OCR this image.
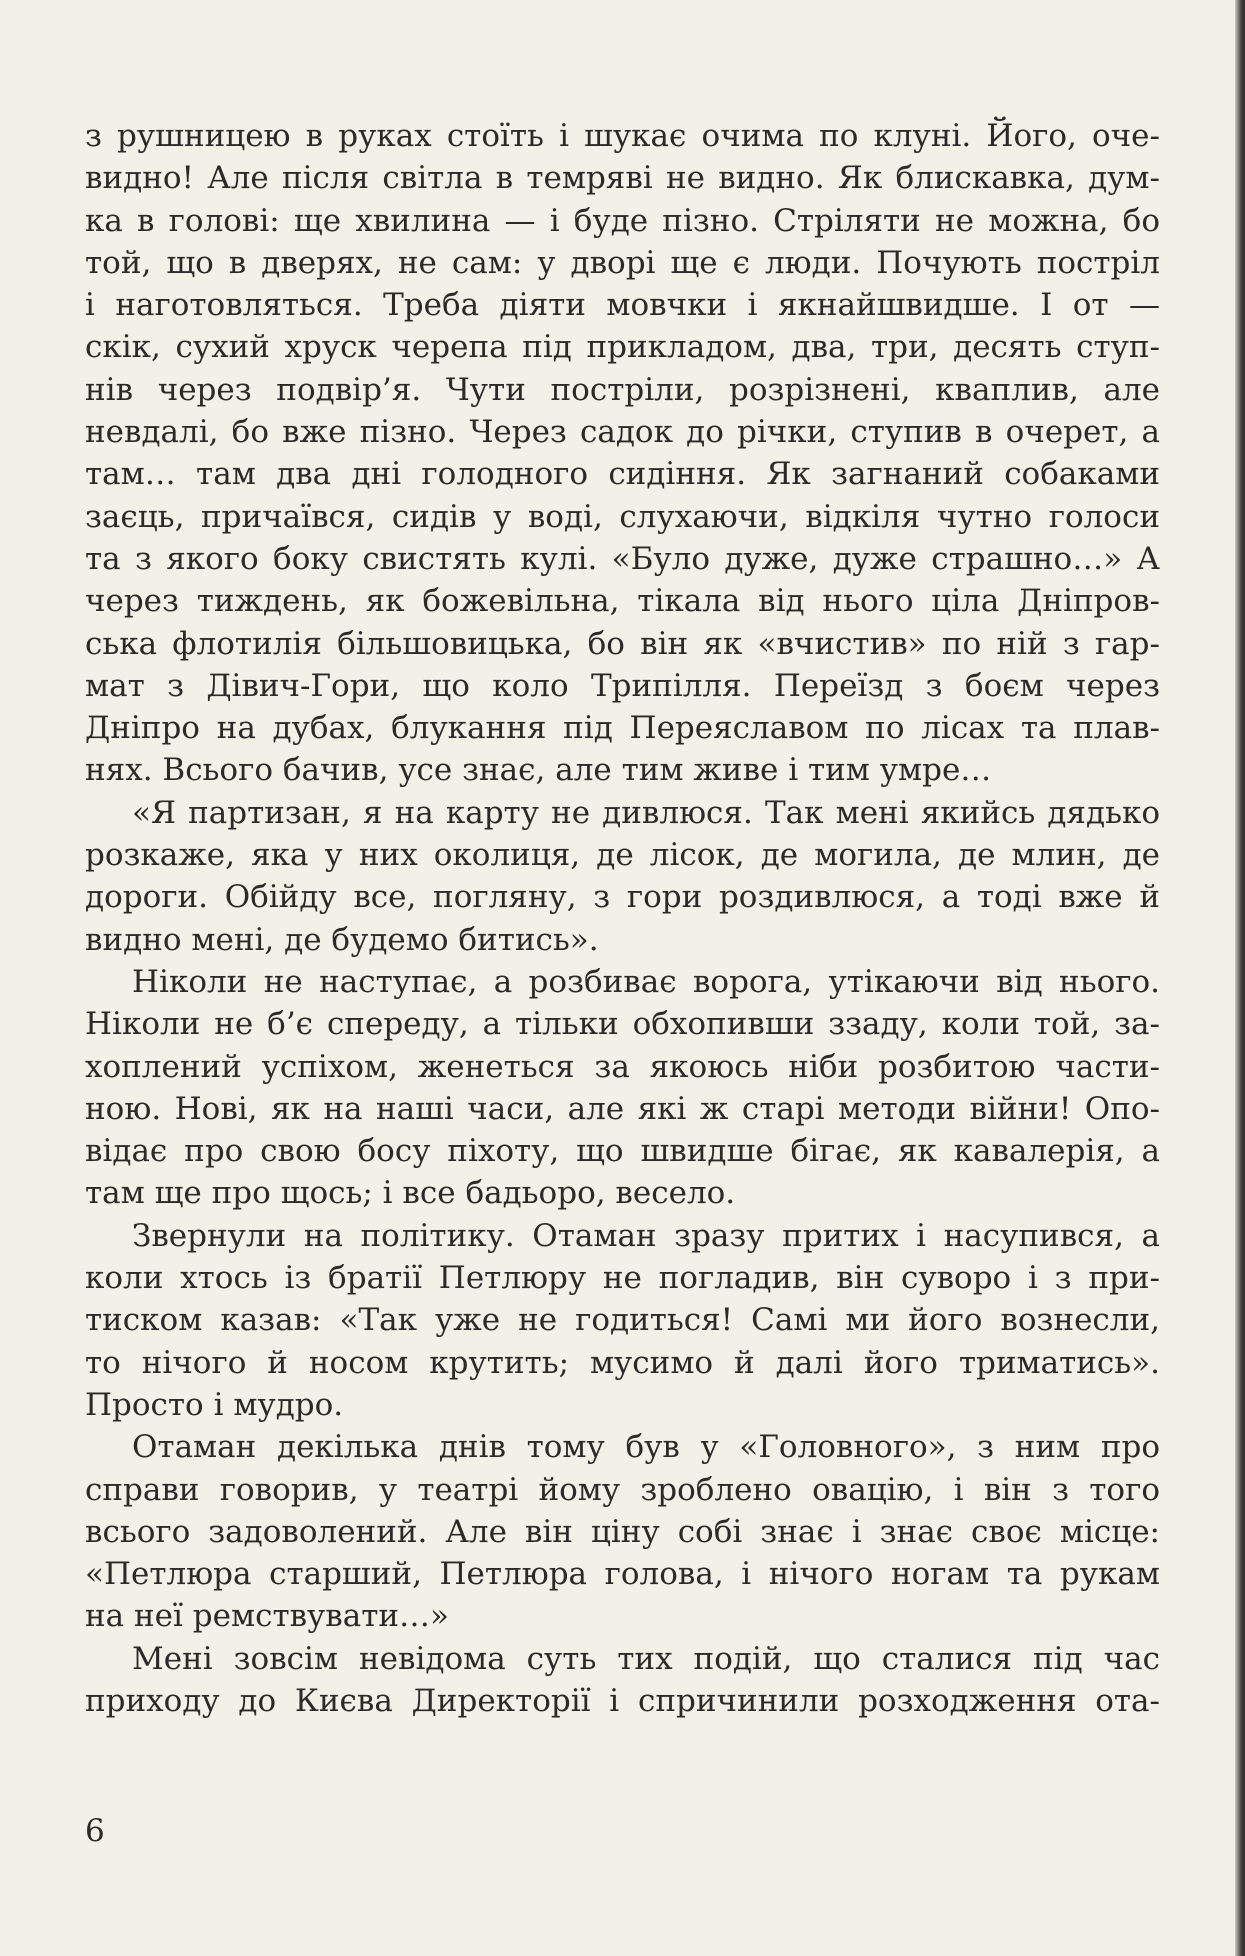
з рушницею в руках стоїть і шукає очима по клуні. Його, оче-
видно! Але після світла в темряві не видно. Як блискавка, дум-
ка в голові: ще хвилина — і буде пізно. Стріляти не можна, бо
той, що в дверях, не сам: у дворі ще є люди. Почують постріл
і наготовляться. Треба діяти мовчки і якнайшвидше. І от —
скік, сухий хруск черепа під прикладом, два, три, десять ступ-
нів через подвір’я. Чути постріли, розрізнені, кваплив, але
невдалі, бо вже пізно. Через садок до річки, ступив в очерет, а
там… там два дні голодного сидіння. Як загнаний собаками
заєць, причаївся, сидів у воді, слухаючи, відкіля чутно голоси
та з якого боку свистять кулі. «Було дуже, дуже страшно…» А
через тиждень, як божевільна, тікала від нього ціла Дніпров-
ська флотилія більшовицька, бо він як «вчистив» по ній з гар-
мат з Дівич-Гори, що коло Трипілля. Переїзд з боєм через
Дніпро на дубах, блукання під Переяславом по лісах та плав-
нях. Всього бачив, усе знає, але тим живе і тим умре…
«Я партизан, я на карту не дивлюся. Так мені якийсь дядько
розкаже, яка у них околиця, де лісок, де могила, де млин, де
дороги. Обійду все, погляну, з гори роздивлюся, а тоді вже й
видно мені, де будемо битись».
Ніколи не наступає, а розбиває ворога, утікаючи від нього.
Ніколи не б’є спереду, а тільки обхопивши ззаду, коли той, за-
хоплений успіхом, женеться за якоюсь ніби розбитою части-
ною. Нові, як на наші часи, але які ж старі методи війни! Опо-
відає про свою босу піхоту, що швидше бігає, як кавалерія, а
там ще про щось; і все бадьоро, весело.
Звернули на політику. Отаман зразу притих і насупився, а
коли хтось із братії Петлюру не погладив, він суворо і з при-
тиском казав: «Так уже не годиться! Самі ми його вознесли,
то нічого й носом крутить; мусимо й далі його триматись».
Просто і мудро.
Отаман декілька днів тому був у «Головного», з ним про
справи говорив, у театрі йому зроблено овацію, і він з того
всього задоволений. Але він ціну собі знає і знає своє місце:
«Петлюра старший, Петлюра голова, і нічого ногам та рукам
на неї ремствувати…»
Мені зовсім невідома суть тих подій, що сталися під час
приходу до Києва Директорії і спричинили розходження ота-
6
